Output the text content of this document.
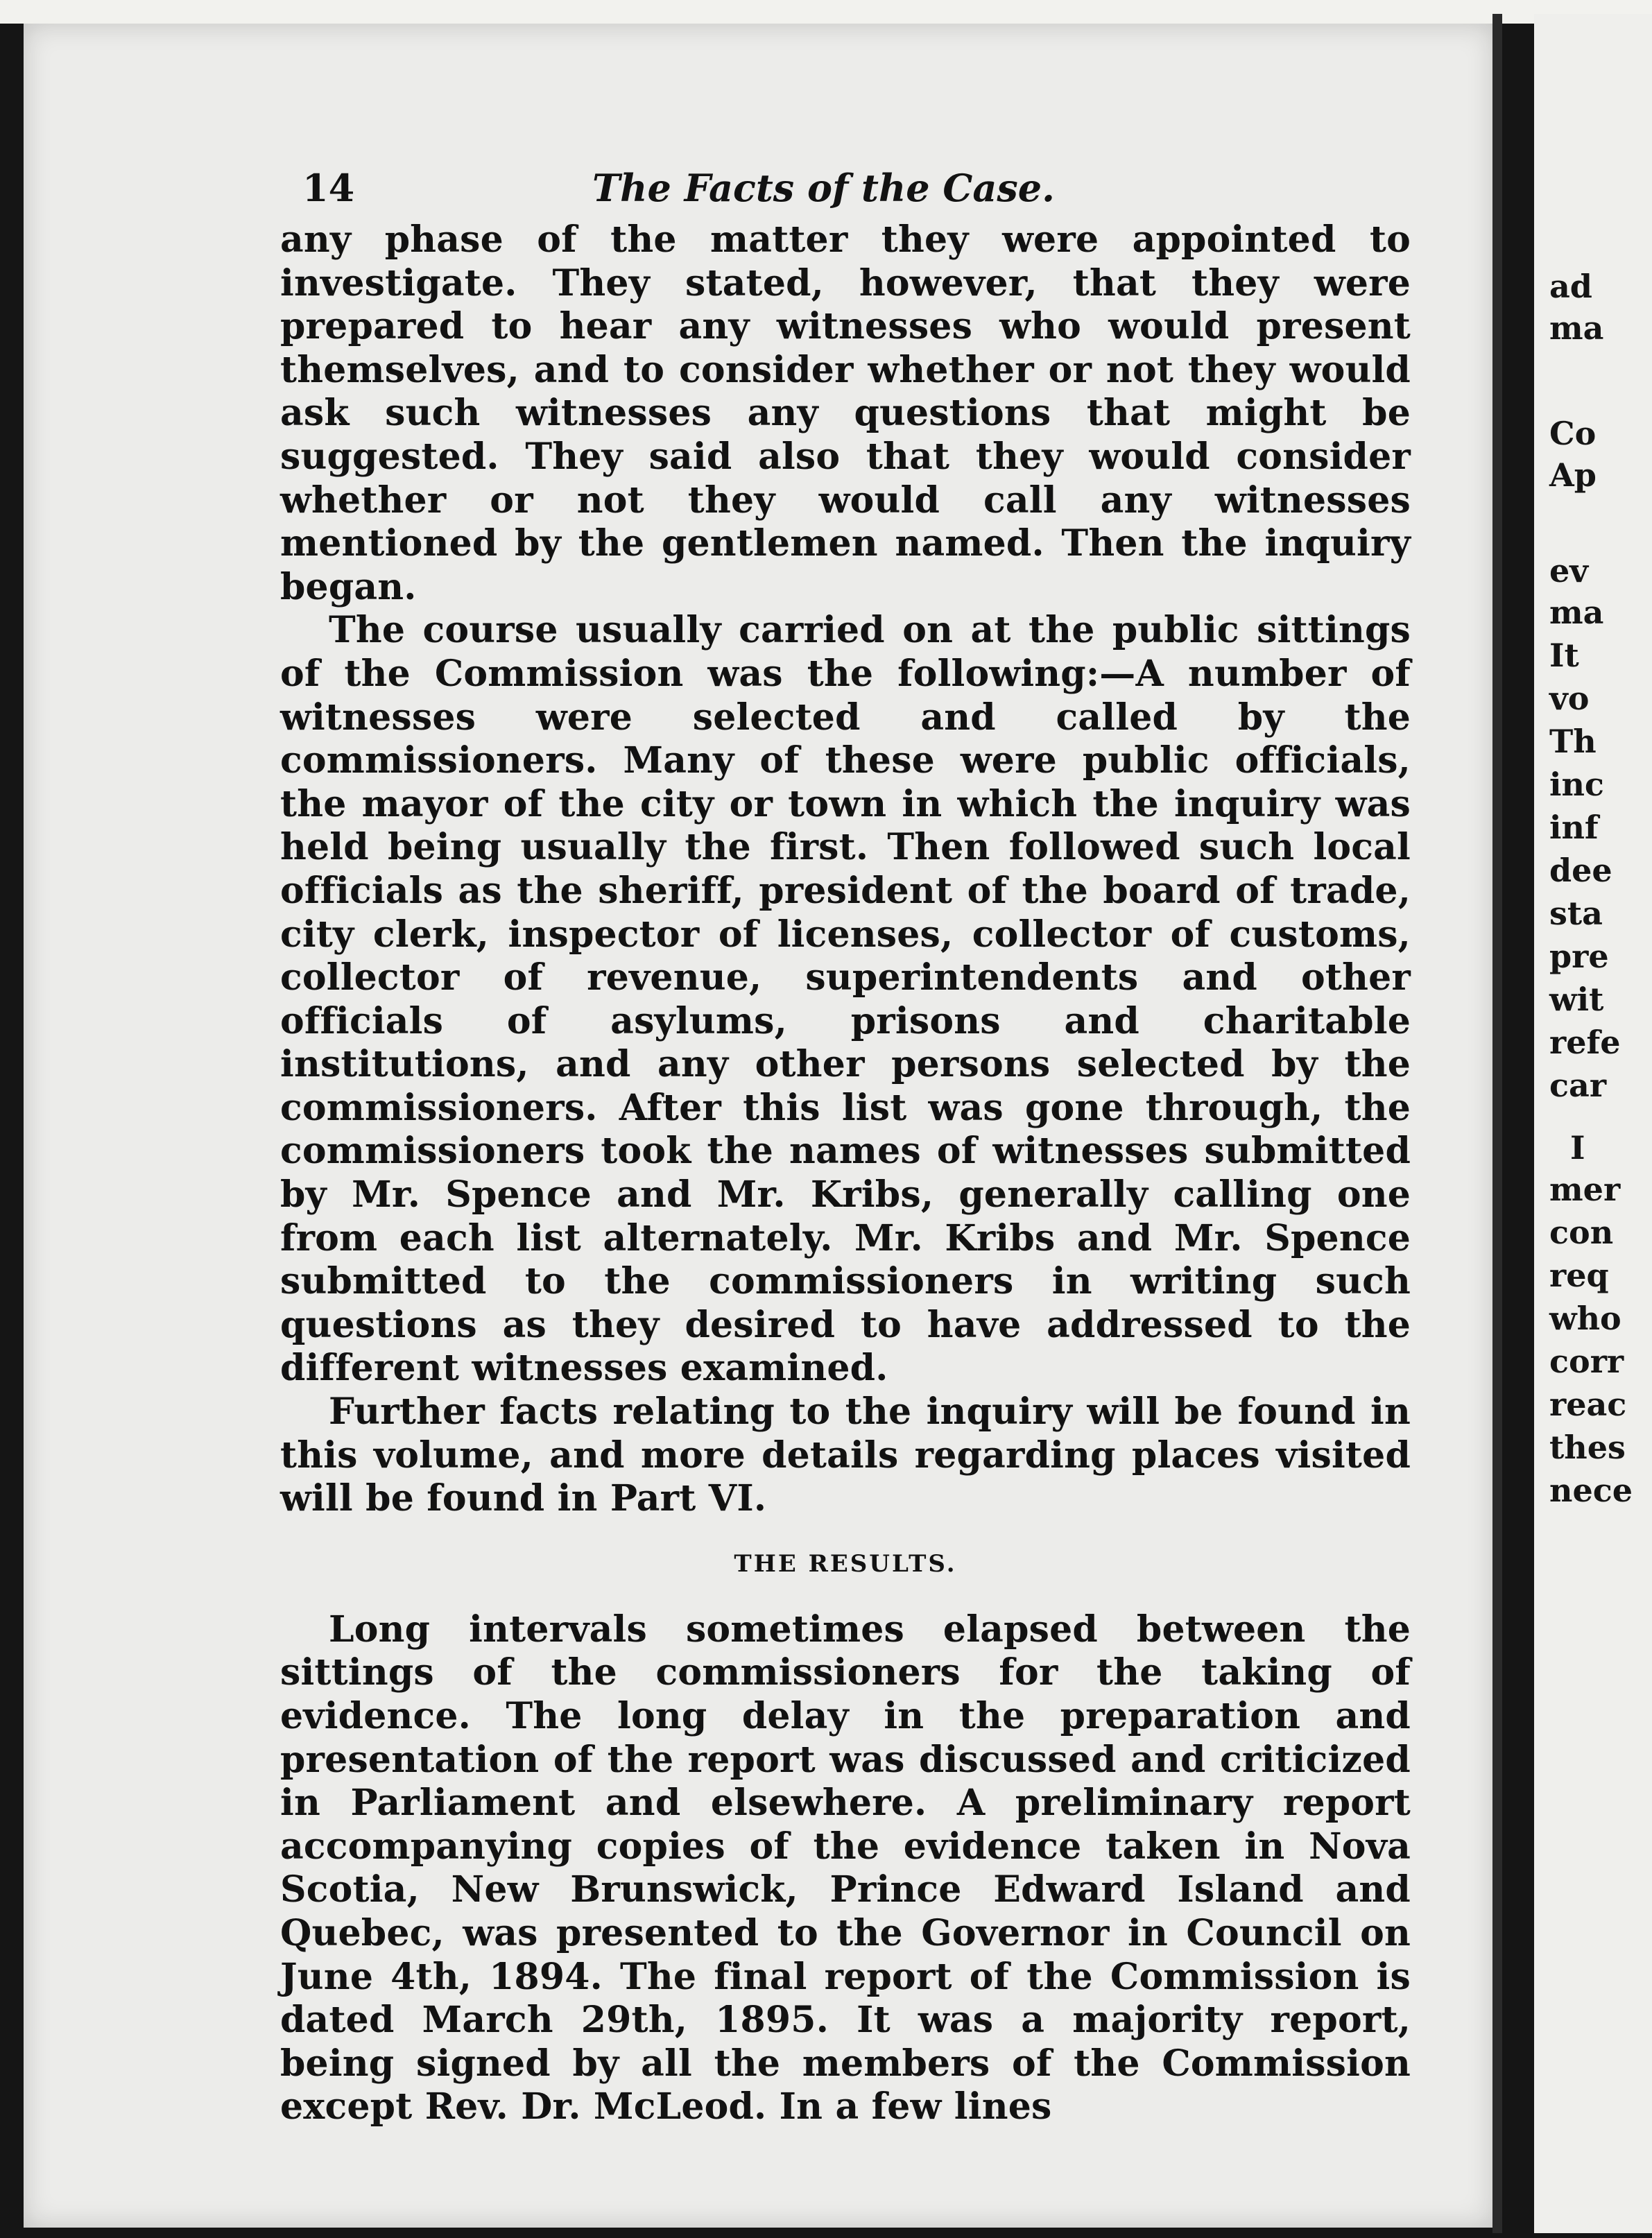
ad
ma
Co
Ap
ev
ma
It
vo
Th
inc
inf
dee
sta
pre
wit
refe
car
I
mer
con
req
who
corr
reac
thes
nece
14	The Facts of the Case.

any phase of the matter they were appointed to investigate. They stated, however, that they were prepared to hear any witnesses who would present themselves, and to consider whether or not they would ask such witnesses any questions that might be suggested. They said also that they would consider whether or not they would call any witnesses mentioned by the gentlemen named. Then the inquiry began.

The course usually carried on at the public sittings of the Commission was the following:—A number of witnesses were selected and called by the commissioners. Many of these were public officials, the mayor of the city or town in which the inquiry was held being usually the first. Then followed such local officials as the sheriff, president of the board of trade, city clerk, inspector of licenses, collector of customs, collector of revenue, superintendents and other officials of asylums, prisons and charitable institutions, and any other persons selected by the commissioners. After this list was gone through, the commissioners took the names of witnesses submitted by Mr. Spence and Mr. Kribs, generally calling one from each list alternately. Mr. Kribs and Mr. Spence submitted to the commissioners in writing such questions as they desired to have addressed to the different witnesses examined.

Further facts relating to the inquiry will be found in this volume, and more details regarding places visited will be found in Part VI.

THE RESULTS.

Long intervals sometimes elapsed between the sittings of the commissioners for the taking of evidence. The long delay in the preparation and presentation of the report was discussed and criticized in Parliament and elsewhere. A preliminary report accompanying copies of the evidence taken in Nova Scotia, New Brunswick, Prince Edward Island and Quebec, was presented to the Governor in Council on June 4th, 1894. The final report of the Commission is dated March 29th, 1895. It was a majority report, being signed by all the members of the Commission except Rev. Dr. McLeod. In a few lines
